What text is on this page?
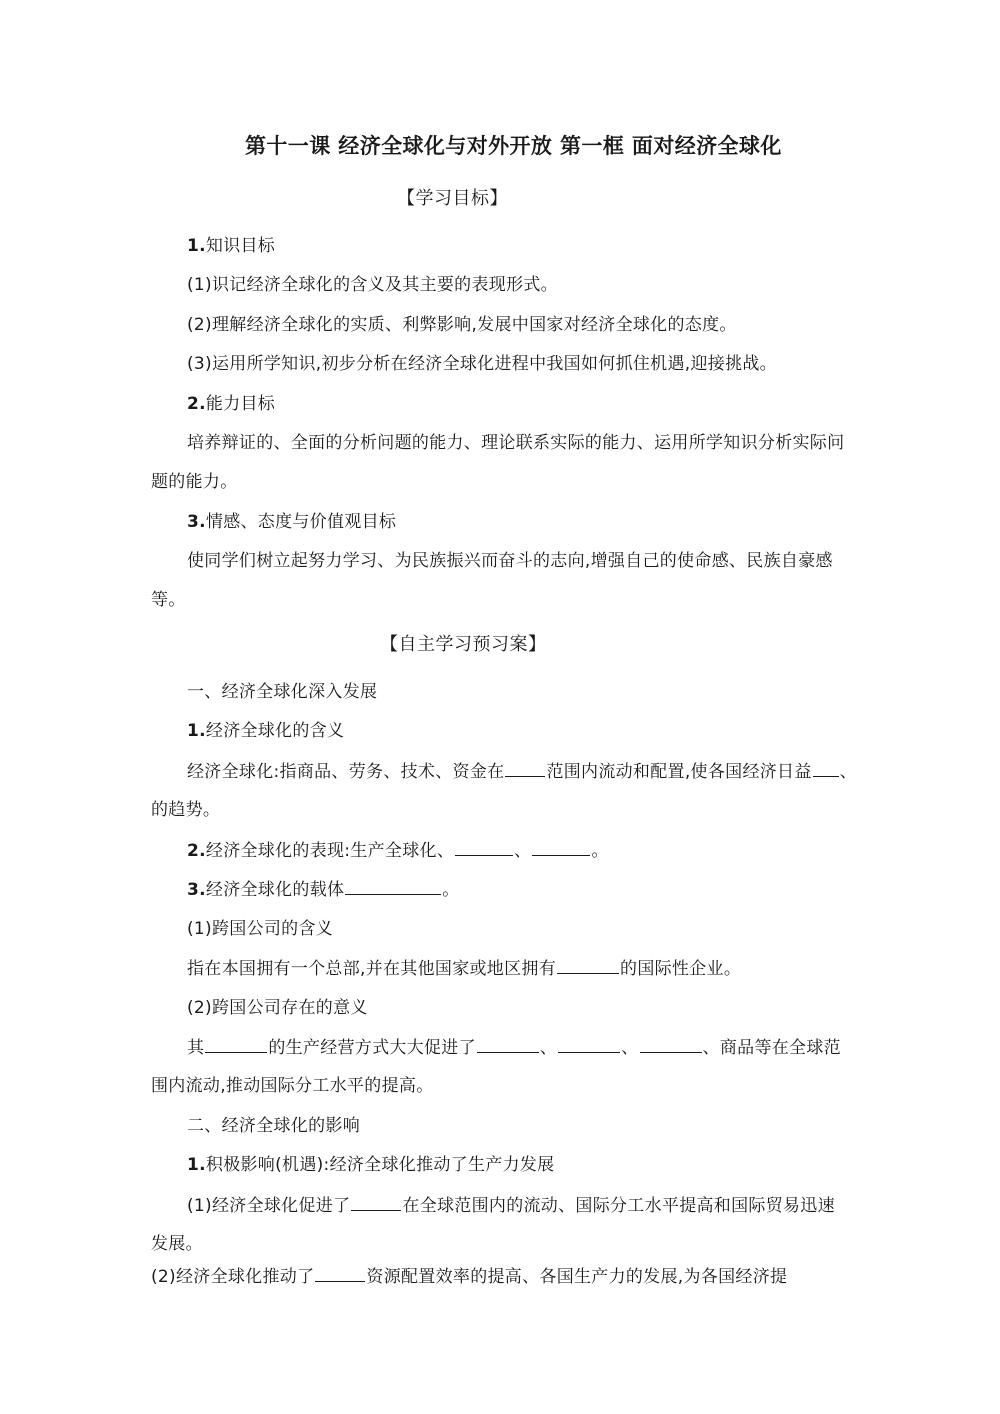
第十一课 经济全球化与对外开放 第一框 面对经济全球化
【学习目标】
1.知识目标
(1)识记经济全球化的含义及其主要的表现形式。
(2)理解经济全球化的实质、利弊影响,发展中国家对经济全球化的态度。
(3)运用所学知识,初步分析在经济全球化进程中我国如何抓住机遇,迎接挑战。
2.能力目标
培养辩证的、全面的分析问题的能力、理论联系实际的能力、运用所学知识分析实际问
题的能力。
3.情感、态度与价值观目标
使同学们树立起努力学习、为民族振兴而奋斗的志向,增强自己的使命感、民族自豪感
等。
【自主学习预习案】
一、经济全球化深入发展
1.经济全球化的含义
经济全球化:指商品、劳务、技术、资金在 范围内流动和配置,使各国经济日益 、
的趋势。
2.经济全球化的表现:生产全球化、	、	。
3.经济全球化的载体	。
(1)跨国公司的含义
指在本国拥有一个总部,并在其他国家或地区拥有	的国际性企业。
(2)跨国公司存在的意义
其	的生产经营方式大大促进了	、	、	、商品等在全球范
围内流动,推动国际分工水平的提高。
二、经济全球化的影响
1.积极影响(机遇):经济全球化推动了生产力发展
(1)经济全球化促进了	在全球范围内的流动、国际分工水平提高和国际贸易迅速
发展。
(2)经济全球化推动了	资源配置效率的提高、各国生产力的发展,为各国经济提
